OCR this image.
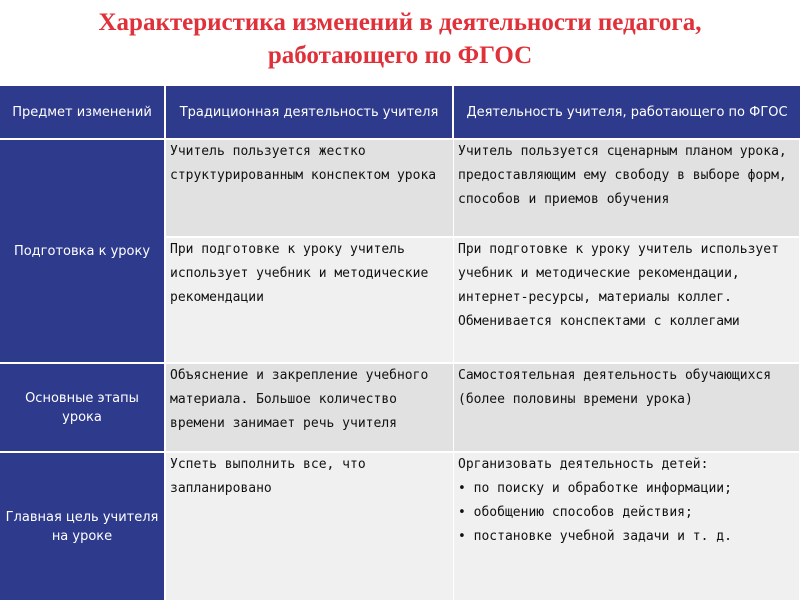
Характеристика изменений в деятельности педагога,
работающего по ФГОС
Предмет изменений	Традиционная деятельность учителя	Деятельность учителя, работающего по ФГОС
Подготовка к уроку
Учитель пользуется жестко структурированным конспектом урока
Учитель пользуется сценарным планом урока, предоставляющим ему свободу в выборе форм, способов и приемов обучения
При подготовке к уроку учитель использует учебник и методические рекомендации
При подготовке к уроку учитель использует учебник и методические рекомендации, интернет-ресурсы, материалы коллег. Обменивается конспектами с коллегами
Основные этапы урока
Объяснение и закрепление учебного материала. Большое количество времени занимает речь учителя
Самостоятельная деятельность обучающихся (более половины времени урока)
Главная цель учителя на уроке
Успеть выполнить все, что запланировано
Организовать деятельность детей:
• по поиску и обработке информации;
• обобщению способов действия;
• постановке учебной задачи и т. д.
